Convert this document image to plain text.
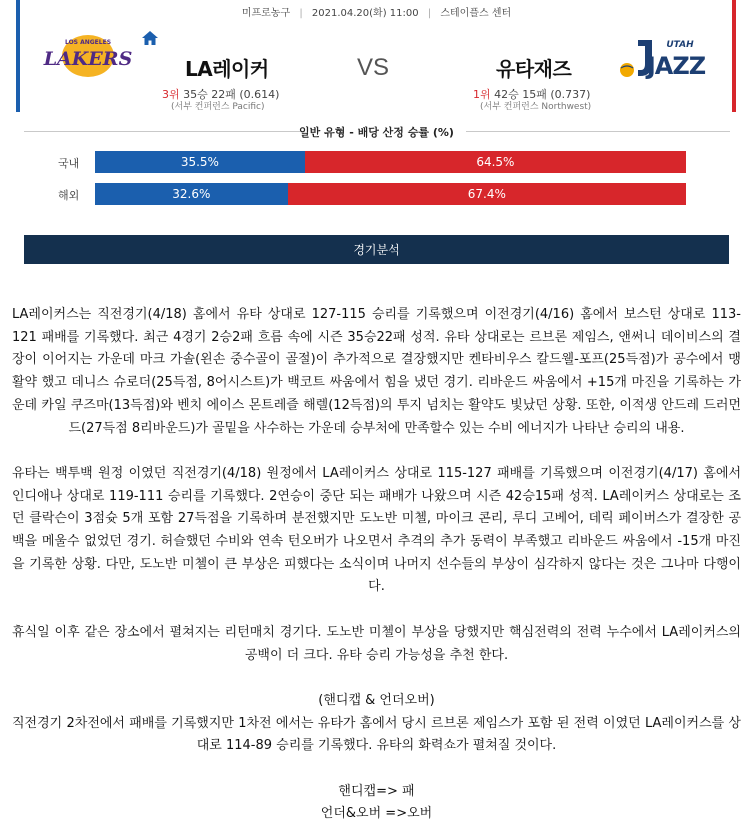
미프로농구 | 2021.04.20(화) 11:00 | 스테이플스 센터
LOS ANGELES
LAKERS	LA레이커	VS	유타재즈
UTAH
JAZZ
3위 35승 22패 (0.614)
(서부 컨퍼런스 Pacific)
1위 42승 15패 (0.737)
(서부 컨퍼런스 Northwest)
일반 유형 - 배당 산정 승률 (%)
국내	35.5%	64.5%
해외	32.6%	67.4%
경기분석

LA레이커스는 직전경기(4/18) 홈에서 유타 상대로 127-115 승리를 기록했으며 이전경기(4/16) 홈에서 보스턴 상대로 113-121 패배를 기록했다. 최근 4경기 2승2패 흐름 속에 시즌 35승22패 성적. 유타 상대로는 르브론 제임스, 앤써니 데이비스의 결장이 이어지는 가운데 마크 가솔(왼손 중수골이 골절)이 추가적으로 결장했지만 켄타비우스 칼드웰-포프(25득점)가 공수에서 맹활약 했고 데니스 슈로더(25득점, 8어시스트)가 백코트 싸움에서 힘을 냈던 경기. 리바운드 싸움에서 +15개 마진을 기록하는 가운데 카일 쿠즈마(13득점)와 벤치 에이스 몬트레즐 해렐(12득점)의 투지 넘치는 활약도 빛났던 상황. 또한, 이적생 안드레 드러먼드(27득점 8리바운드)가 골밑을 사수하는 가운데 승부처에 만족할수 있는 수비 에너지가 나타난 승리의 내용.

유타는 백투백 원정 이였던 직전경기(4/18) 원정에서 LA레이커스 상대로 115-127 패배를 기록했으며 이전경기(4/17) 홈에서 인디애나 상대로 119-111 승리를 기록했다. 2연승이 중단 되는 패배가 나왔으며 시즌 42승15패 성적. LA레이커스 상대로는 조던 클락슨이 3점슛 5개 포함 27득점을 기록하며 분전했지만 도노반 미첼, 마이크 콘리, 루디 고베어, 데릭 페이버스가 결장한 공백을 메울수 없었던 경기. 허슬했던 수비와 연속 턴오버가 나오면서 추격의 추가 동력이 부족했고 리바운드 싸움에서 -15개 마진을 기록한 상황. 다만, 도노반 미첼이 큰 부상은 피했다는 소식이며 나머지 선수들의 부상이 심각하지 않다는 것은 그나마 다행이다.

휴식일 이후 같은 장소에서 펼쳐지는 리턴매치 경기다. 도노반 미첼이 부상을 당했지만 핵심전력의 전력 누수에서 LA레이커스의 공백이 더 크다. 유타 승리 가능성을 추천 한다.

(핸디캡 & 언더오버)

직전경기 2차전에서 패배를 기록했지만 1차전 에서는 유타가 홈에서 당시 르브론 제임스가 포함 된 전력 이였던 LA레이커스를 상대로 114-89 승리를 기록했다. 유타의 화력쇼가 펼쳐질 것이다.

핸디캡=> 패
언더&오버 =>오버
